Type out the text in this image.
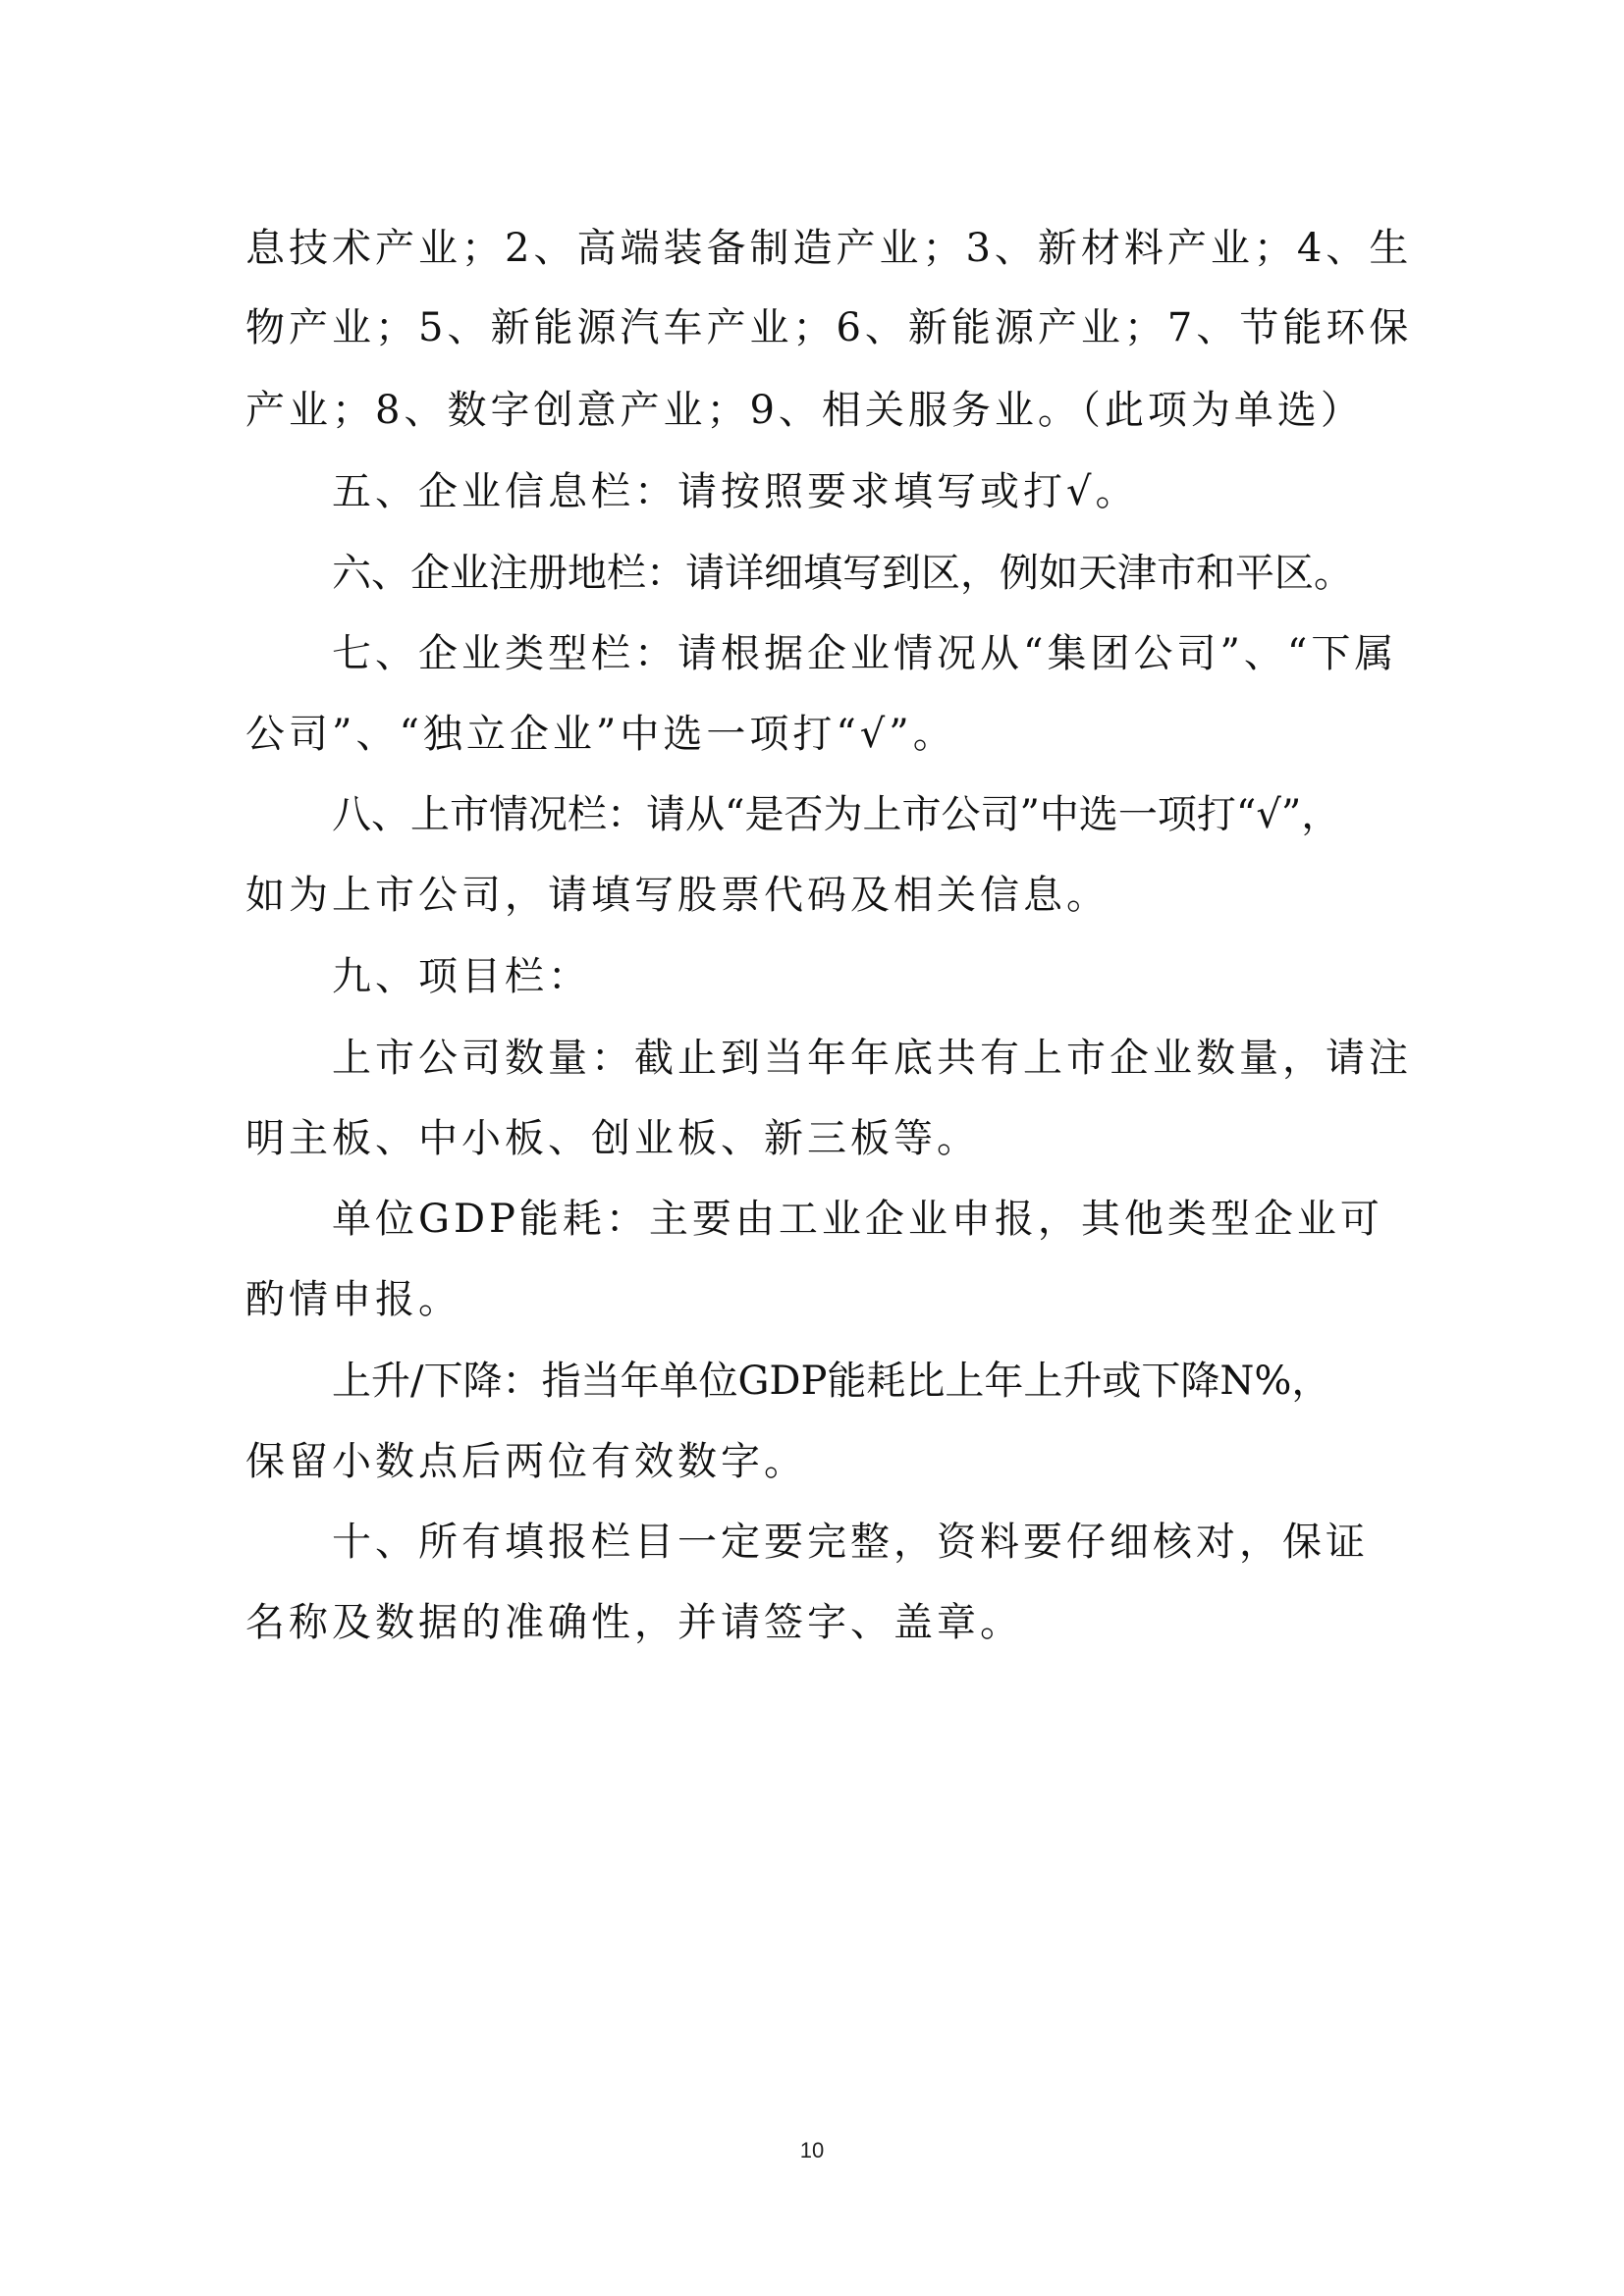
息技术产业；2、高端装备制造产业；3、新材料产业；4、生
物产业；5、新能源汽车产业；6、新能源产业；7、节能环保
产业；8、数字创意产业；9、相关服务业。（此项为单选）
五、企业信息栏：请按照要求填写或打√。
六、企业注册地栏：请详细填写到区，例如天津市和平区。
七、企业类型栏：请根据企业情况从“集团公司”、“下属
公司”、“独立企业”中选一项打“√”。
八、上市情况栏：请从“是否为上市公司”中选一项打“√”，
如为上市公司，请填写股票代码及相关信息。
九、项目栏：
上市公司数量：截止到当年年底共有上市企业数量，请注
明主板、中小板、创业板、新三板等。
单位GDP能耗：主要由工业企业申报，其他类型企业可
酌情申报。
上升/下降：指当年单位GDP能耗比上年上升或下降N%，
保留小数点后两位有效数字。
十、所有填报栏目一定要完整，资料要仔细核对，保证
名称及数据的准确性，并请签字、盖章。
10
